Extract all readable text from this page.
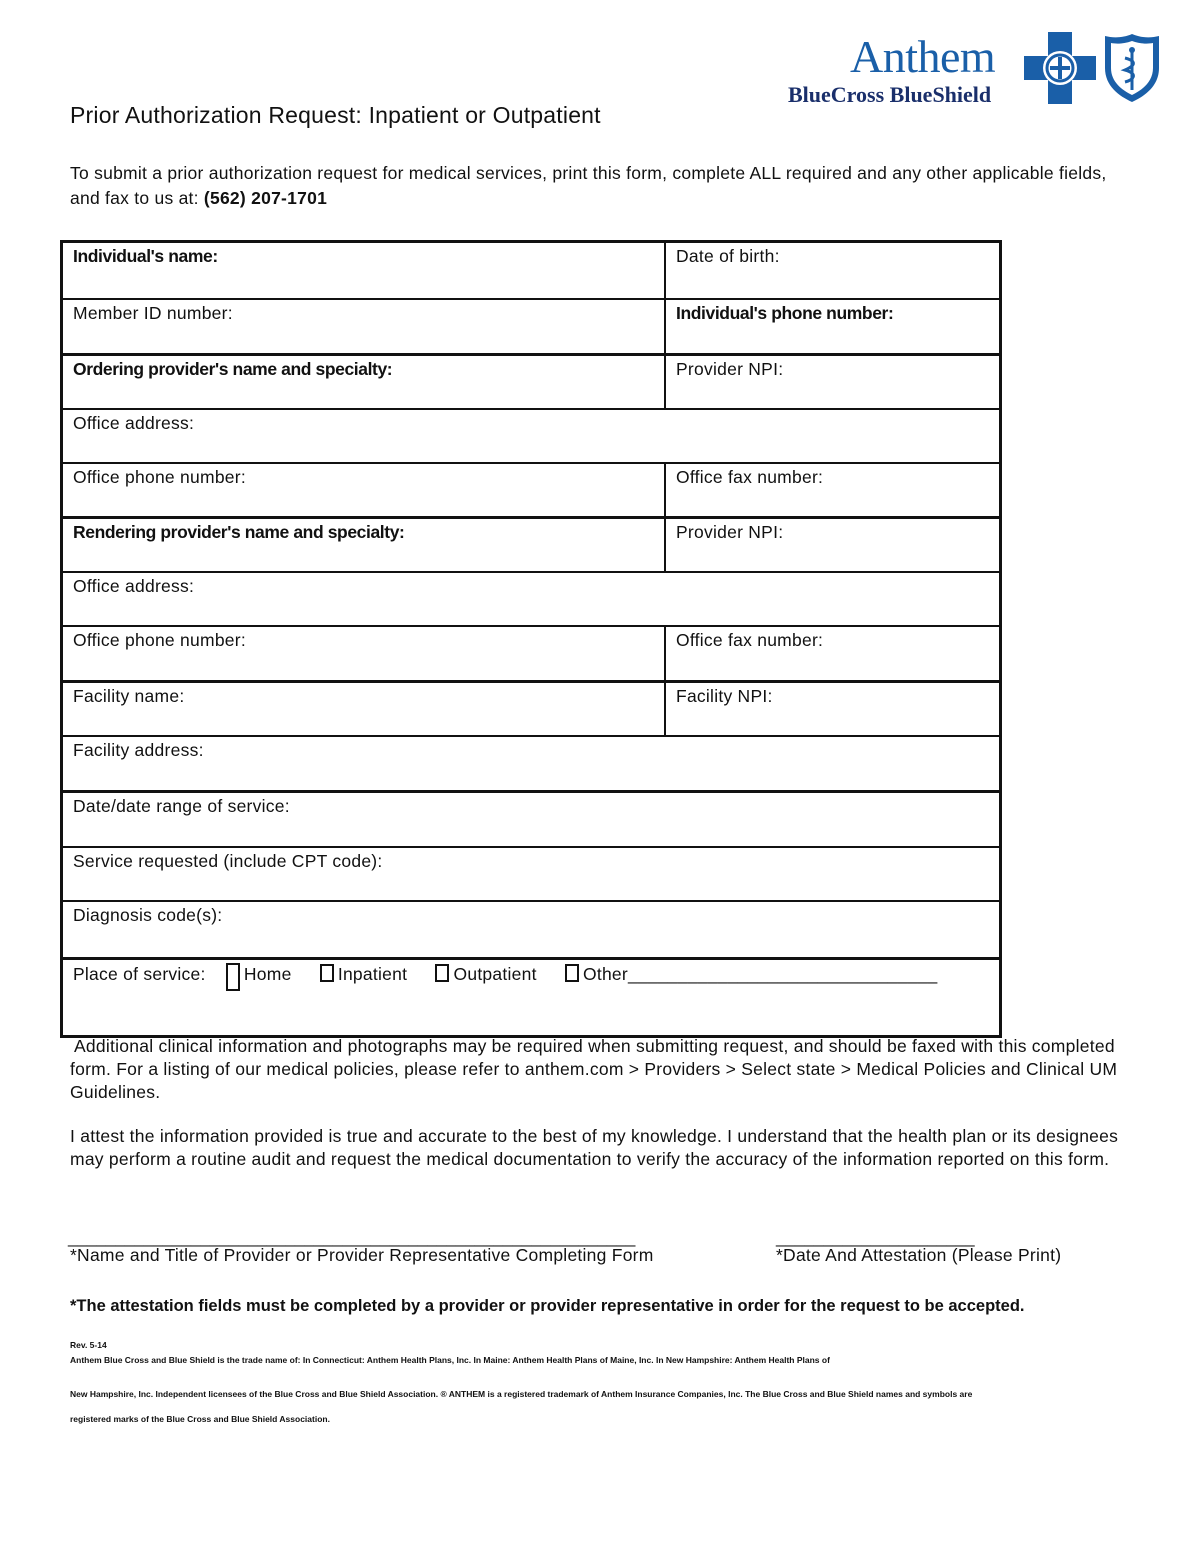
Anthem
BlueCross BlueShield
Prior Authorization Request: Inpatient or Outpatient
To submit a prior authorization request for medical services, print this form, complete ALL required and any other applicable fields, and fax to us at: (562) 207-1701
Individual's name:	Date of birth:
Member ID number:	Individual's phone number:
Ordering provider's name and specialty:	Provider NPI:
Office address:
Office phone number:	Office fax number:
Rendering provider's name and specialty:	Provider NPI:
Office address:
Office phone number:	Office fax number:
Facility name:	Facility NPI:
Facility address:
Date/date range of service:
Service requested (include CPT code):
Diagnosis code(s):
Place of service: Home	Inpatient	Outpatient	Other_______________________________
Additional clinical information and photographs may be required when submitting request, and should be faxed with this completed form. For a listing of our medical policies, please refer to anthem.com > Providers > Select state > Medical Policies and Clinical UM Guidelines.
I attest the information provided is true and accurate to the best of my knowledge. I understand that the health plan or its designees may perform a routine audit and request the medical documentation to verify the accuracy of the information reported on this form.
____________________________________________________________	_____________________
*Name and Title of Provider or Provider Representative Completing Form	*Date And Attestation (Please Print)
*The attestation fields must be completed by a provider or provider representative in order for the request to be accepted.
Rev. 5-14
Anthem Blue Cross and Blue Shield is the trade name of: In Connecticut: Anthem Health Plans, Inc. In Maine: Anthem Health Plans of Maine, Inc. In New Hampshire: Anthem Health Plans of
New Hampshire, Inc. Independent licensees of the Blue Cross and Blue Shield Association. ® ANTHEM is a registered trademark of Anthem Insurance Companies, Inc. The Blue Cross and Blue Shield names and symbols are
registered marks of the Blue Cross and Blue Shield Association.
